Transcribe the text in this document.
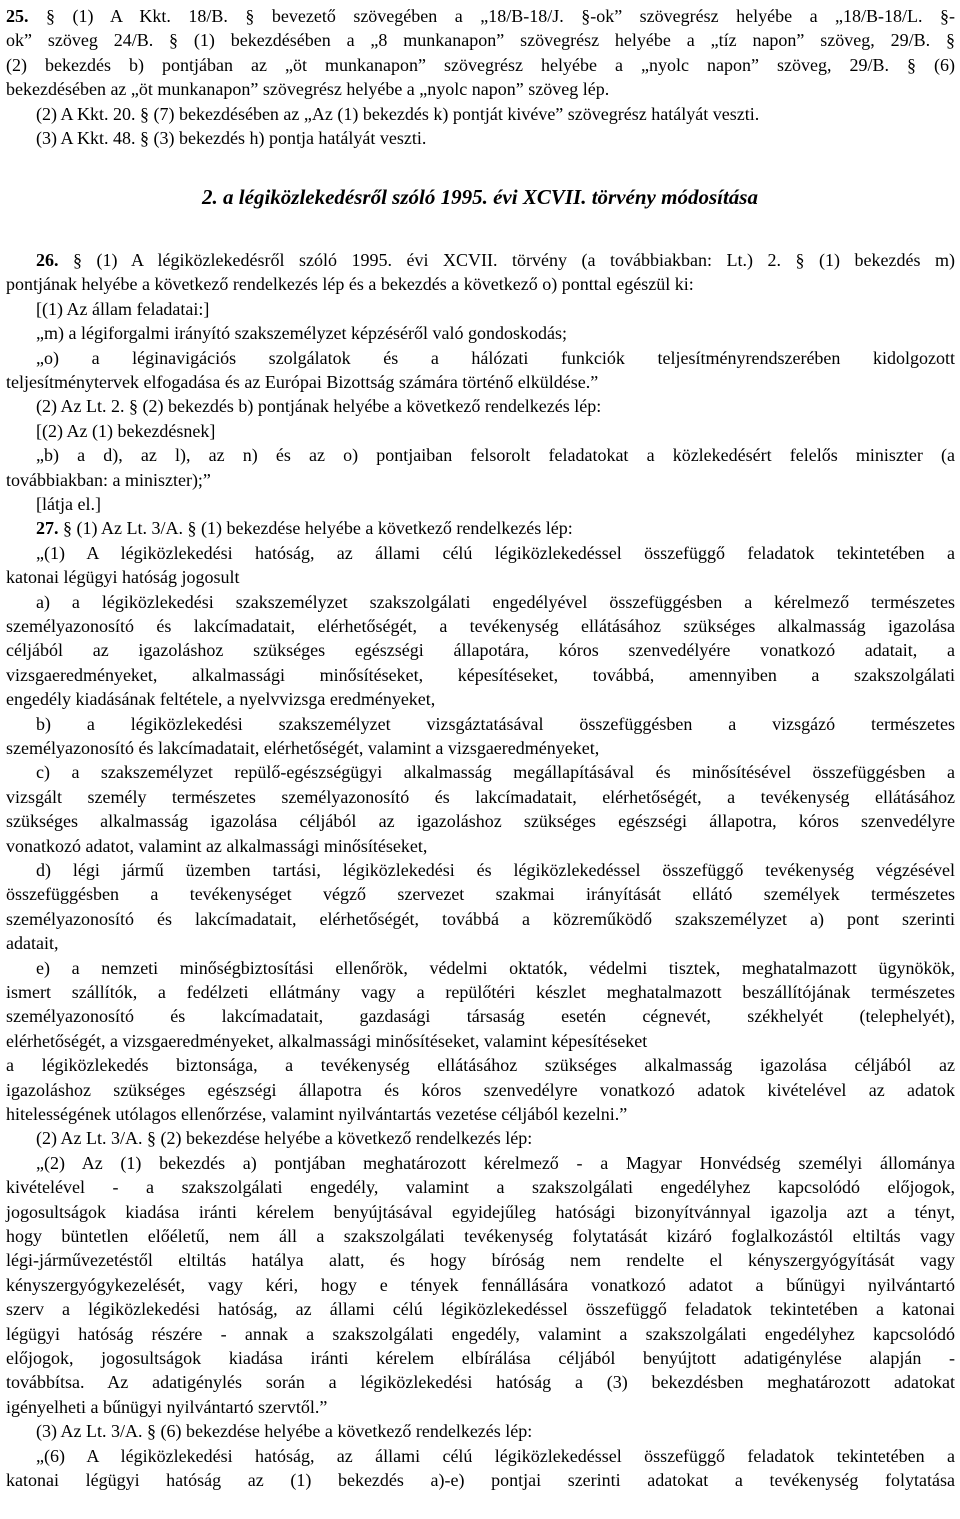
2. a légiközlekedésről szóló 1995. évi XCVII. törvény módosítása
25. § (1) A Kkt. 18/B. § bevezető szövegében a „18/B-18/J. §-ok” szövegrész helyébe a „18/B-18/L. §-
ok” szöveg 24/B. § (1) bekezdésében a „8 munkanapon” szövegrész helyébe a „tíz napon” szöveg, 29/B. §
(2) bekezdés b) pontjában az „öt munkanapon” szövegrész helyébe a „nyolc napon” szöveg, 29/B. § (6)
bekezdésében az „öt munkanapon” szövegrész helyébe a „nyolc napon” szöveg lép.
(2) A Kkt. 20. § (7) bekezdésében az „Az (1) bekezdés k) pontját kivéve” szövegrész hatályát veszti.
(3) A Kkt. 48. § (3) bekezdés h) pontja hatályát veszti.
26. § (1) A légiközlekedésről szóló 1995. évi XCVII. törvény (a továbbiakban: Lt.) 2. § (1) bekezdés m)
pontjának helyébe a következő rendelkezés lép és a bekezdés a következő o) ponttal egészül ki:
[(1) Az állam feladatai:]
„m) a légiforgalmi irányító szakszemélyzet képzéséről való gondoskodás;
„o) a léginavigációs szolgálatok és a hálózati funkciók teljesítményrendszerében kidolgozott
teljesítménytervek elfogadása és az Európai Bizottság számára történő elküldése.”
(2) Az Lt. 2. § (2) bekezdés b) pontjának helyébe a következő rendelkezés lép:
[(2) Az (1) bekezdésnek]
„b) a d), az l), az n) és az o) pontjaiban felsorolt feladatokat a közlekedésért felelős miniszter (a
továbbiakban: a miniszter);”
[látja el.]
27. § (1) Az Lt. 3/A. § (1) bekezdése helyébe a következő rendelkezés lép:
„(1) A légiközlekedési hatóság, az állami célú légiközlekedéssel összefüggő feladatok tekintetében a
katonai légügyi hatóság jogosult
a) a légiközlekedési szakszemélyzet szakszolgálati engedélyével összefüggésben a kérelmező természetes
személyazonosító és lakcímadatait, elérhetőségét, a tevékenység ellátásához szükséges alkalmasság igazolása
céljából az igazoláshoz szükséges egészségi állapotára, kóros szenvedélyére vonatkozó adatait, a
vizsgaeredményeket, alkalmassági minősítéseket, képesítéseket, továbbá, amennyiben a szakszolgálati
engedély kiadásának feltétele, a nyelvvizsga eredményeket,
b) a légiközlekedési szakszemélyzet vizsgáztatásával összefüggésben a vizsgázó természetes
személyazonosító és lakcímadatait, elérhetőségét, valamint a vizsgaeredményeket,
c) a szakszemélyzet repülő-egészségügyi alkalmasság megállapításával és minősítésével összefüggésben a
vizsgált személy természetes személyazonosító és lakcímadatait, elérhetőségét, a tevékenység ellátásához
szükséges alkalmasság igazolása céljából az igazoláshoz szükséges egészségi állapotra, kóros szenvedélyre
vonatkozó adatot, valamint az alkalmassági minősítéseket,
d) légi jármű üzemben tartási, légiközlekedési és légiközlekedéssel összefüggő tevékenység végzésével
összefüggésben a tevékenységet végző szervezet szakmai irányítását ellátó személyek természetes
személyazonosító és lakcímadatait, elérhetőségét, továbbá a közreműködő szakszemélyzet a) pont szerinti
adatait,
e) a nemzeti minőségbiztosítási ellenőrök, védelmi oktatók, védelmi tisztek, meghatalmazott ügynökök,
ismert szállítók, a fedélzeti ellátmány vagy a repülőtéri készlet meghatalmazott beszállítójának természetes
személyazonosító és lakcímadatait, gazdasági társaság esetén cégnevét, székhelyét (telephelyét),
elérhetőségét, a vizsgaeredményeket, alkalmassági minősítéseket, valamint képesítéseket
a légiközlekedés biztonsága, a tevékenység ellátásához szükséges alkalmasság igazolása céljából az
igazoláshoz szükséges egészségi állapotra és kóros szenvedélyre vonatkozó adatok kivételével az adatok
hitelességének utólagos ellenőrzése, valamint nyilvántartás vezetése céljából kezelni.”
(2) Az Lt. 3/A. § (2) bekezdése helyébe a következő rendelkezés lép:
„(2) Az (1) bekezdés a) pontjában meghatározott kérelmező - a Magyar Honvédség személyi állománya
kivételével - a szakszolgálati engedély, valamint a szakszolgálati engedélyhez kapcsolódó előjogok,
jogosultságok kiadása iránti kérelem benyújtásával egyidejűleg hatósági bizonyítvánnyal igazolja azt a tényt,
hogy büntetlen előéletű, nem áll a szakszolgálati tevékenység folytatását kizáró foglalkozástól eltiltás vagy
légi-járművezetéstől eltiltás hatálya alatt, és hogy bíróság nem rendelte el kényszergyógyítását vagy
kényszergyógykezelését, vagy kéri, hogy e tények fennállására vonatkozó adatot a bűnügyi nyilvántartó
szerv a légiközlekedési hatóság, az állami célú légiközlekedéssel összefüggő feladatok tekintetében a katonai
légügyi hatóság részére - annak a szakszolgálati engedély, valamint a szakszolgálati engedélyhez kapcsolódó
előjogok, jogosultságok kiadása iránti kérelem elbírálása céljából benyújtott adatigénylése alapján -
továbbítsa. Az adatigénylés során a légiközlekedési hatóság a (3) bekezdésben meghatározott adatokat
igényelheti a bűnügyi nyilvántartó szervtől.”
(3) Az Lt. 3/A. § (6) bekezdése helyébe a következő rendelkezés lép:
„(6) A légiközlekedési hatóság, az állami célú légiközlekedéssel összefüggő feladatok tekintetében a
katonai légügyi hatóság az (1) bekezdés a)-e) pontjai szerinti adatokat a tevékenység folytatása
